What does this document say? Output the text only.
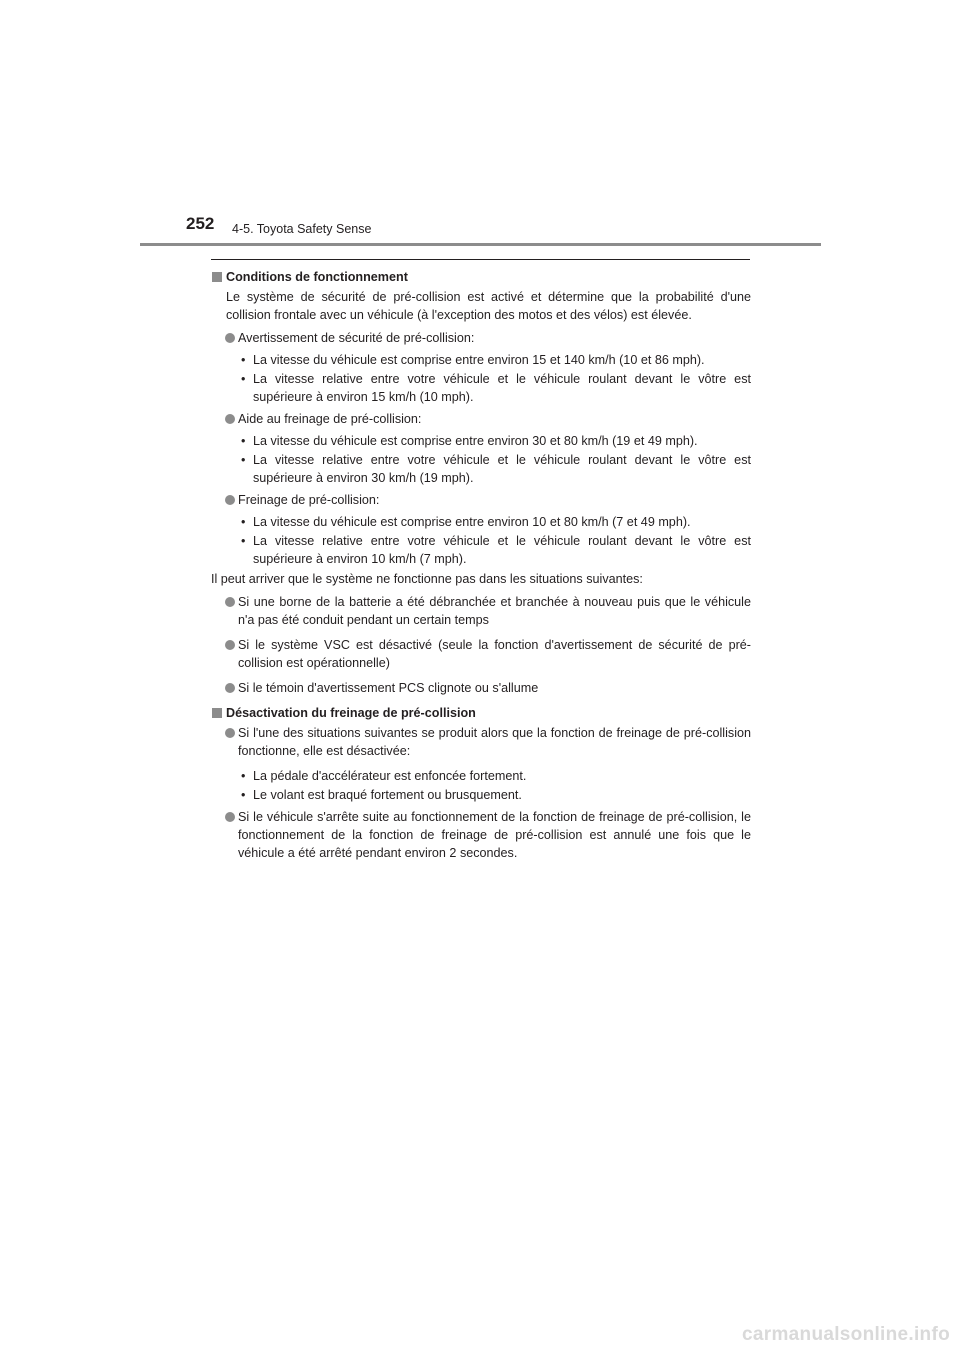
252 4-5. Toyota Safety Sense
Conditions de fonctionnement
Le système de sécurité de pré-collision est activé et détermine que la probabilité d'une collision frontale avec un véhicule (à l'exception des motos et des vélos) est élevée.
Avertissement de sécurité de pré-collision:
• La vitesse du véhicule est comprise entre environ 15 et 140 km/h (10 et 86 mph).
• La vitesse relative entre votre véhicule et le véhicule roulant devant le vôtre est supérieure à environ 15 km/h (10 mph).
Aide au freinage de pré-collision:
• La vitesse du véhicule est comprise entre environ 30 et 80 km/h (19 et 49 mph).
• La vitesse relative entre votre véhicule et le véhicule roulant devant le vôtre est supérieure à environ 30 km/h (19 mph).
Freinage de pré-collision:
• La vitesse du véhicule est comprise entre environ 10 et 80 km/h (7 et 49 mph).
• La vitesse relative entre votre véhicule et le véhicule roulant devant le vôtre est supérieure à environ 10 km/h (7 mph).
Il peut arriver que le système ne fonctionne pas dans les situations suivantes:
Si une borne de la batterie a été débranchée et branchée à nouveau puis que le véhicule n'a pas été conduit pendant un certain temps
Si le système VSC est désactivé (seule la fonction d'avertissement de sécurité de pré-collision est opérationnelle)
Si le témoin d'avertissement PCS clignote ou s'allume
Désactivation du freinage de pré-collision
Si l'une des situations suivantes se produit alors que la fonction de freinage de pré-collision fonctionne, elle est désactivée:
• La pédale d'accélérateur est enfoncée fortement.
• Le volant est braqué fortement ou brusquement.
Si le véhicule s'arrête suite au fonctionnement de la fonction de freinage de pré-collision, le fonctionnement de la fonction de freinage de pré-collision est annulé une fois que le véhicule a été arrêté pendant environ 2 secondes.
carmanualsonline.info
